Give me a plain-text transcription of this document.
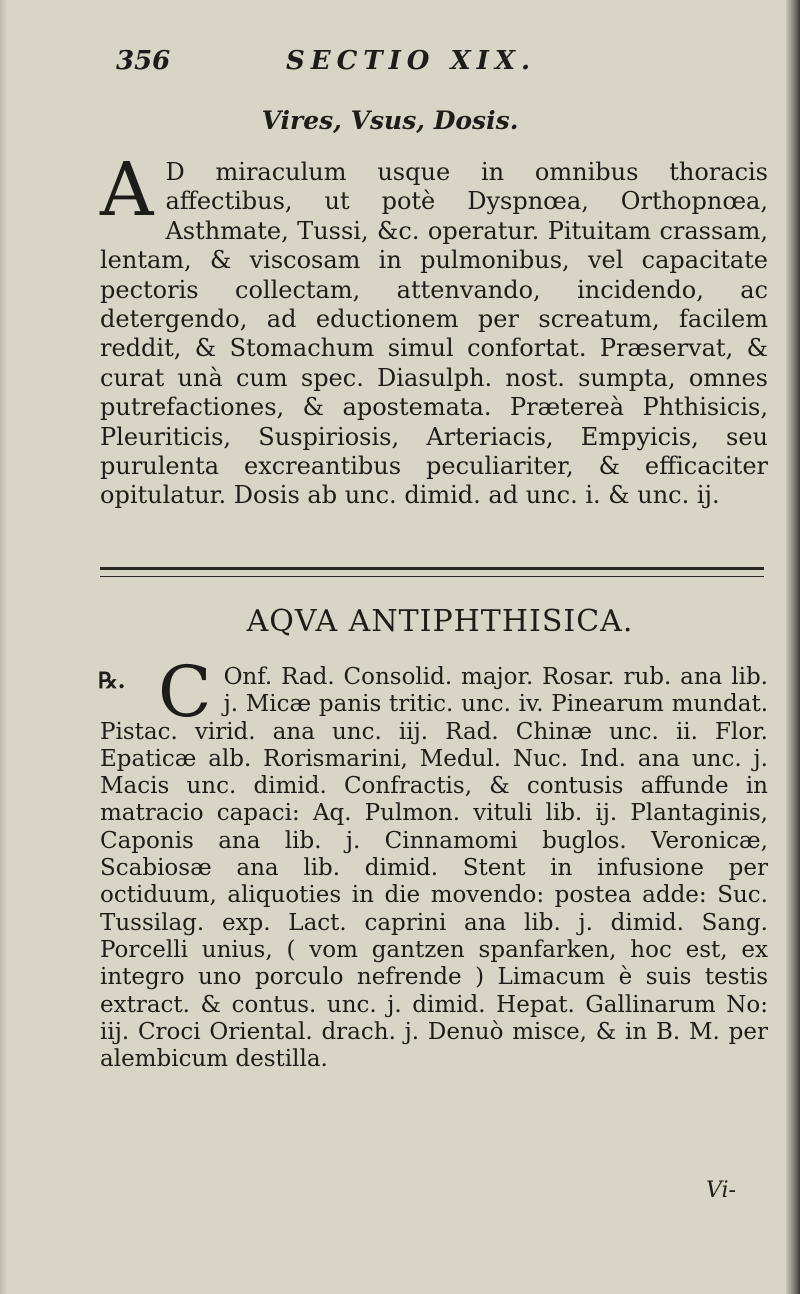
356	SECTIO XIX.
Vires, Vsus, Dosis.
A D miraculum usque in omnibus thoracis affectibus, ut potè Dyspnœa, Orthopnœa, Asthmate, Tussi, &c. operatur. Pituitam crassam, lentam, & viscosam in pulmonibus, vel capacitate pectoris collectam, attenvando, incidendo, ac detergendo, ad eductionem per screatum, facilem reddit, & Stomachum simul confortat. Præservat, & curat unà cum spec. Diasulph. nost. sumpta, omnes putrefactiones, & apostemata. Prætereà Phthisicis, Pleuriticis, Suspiriosis, Arteriacis, Empyicis, seu purulenta excreantibus peculiariter, & efficaciter opitulatur. Dosis ab unc. dimid. ad unc. i. & unc. ij.
AQVA ANTIPHTHISICA.
℞. C Onf. Rad. Consolid. major. Rosar. rub. ana lib. j. Micæ panis tritic. unc. iv. Pinearum mundat. Pistac. virid. ana unc. iij. Rad. Chinæ unc. ii. Flor. Epaticæ alb. Rorismarini, Medul. Nuc. Ind. ana unc. j. Macis unc. dimid. Confractis, & contusis affunde in matracio capaci: Aq. Pulmon. vituli lib. ij. Plantaginis, Caponis ana lib. j. Cinnamomi buglos. Veronicæ, Scabiosæ ana lib. dimid. Stent in infusione per octiduum, aliquoties in die movendo: postea adde: Suc. Tussilag. exp. Lact. caprini ana lib. j. dimid. Sang. Porcelli unius, ( vom gantzen spanfarken, hoc est, ex integro uno porculo nefrende ) Limacum è suis testis extract. & contus. unc. j. dimid. Hepat. Gallinarum No: iij. Croci Oriental. drach. j. Denuò misce, & in B. M. per alembicum destilla.
Vi-
